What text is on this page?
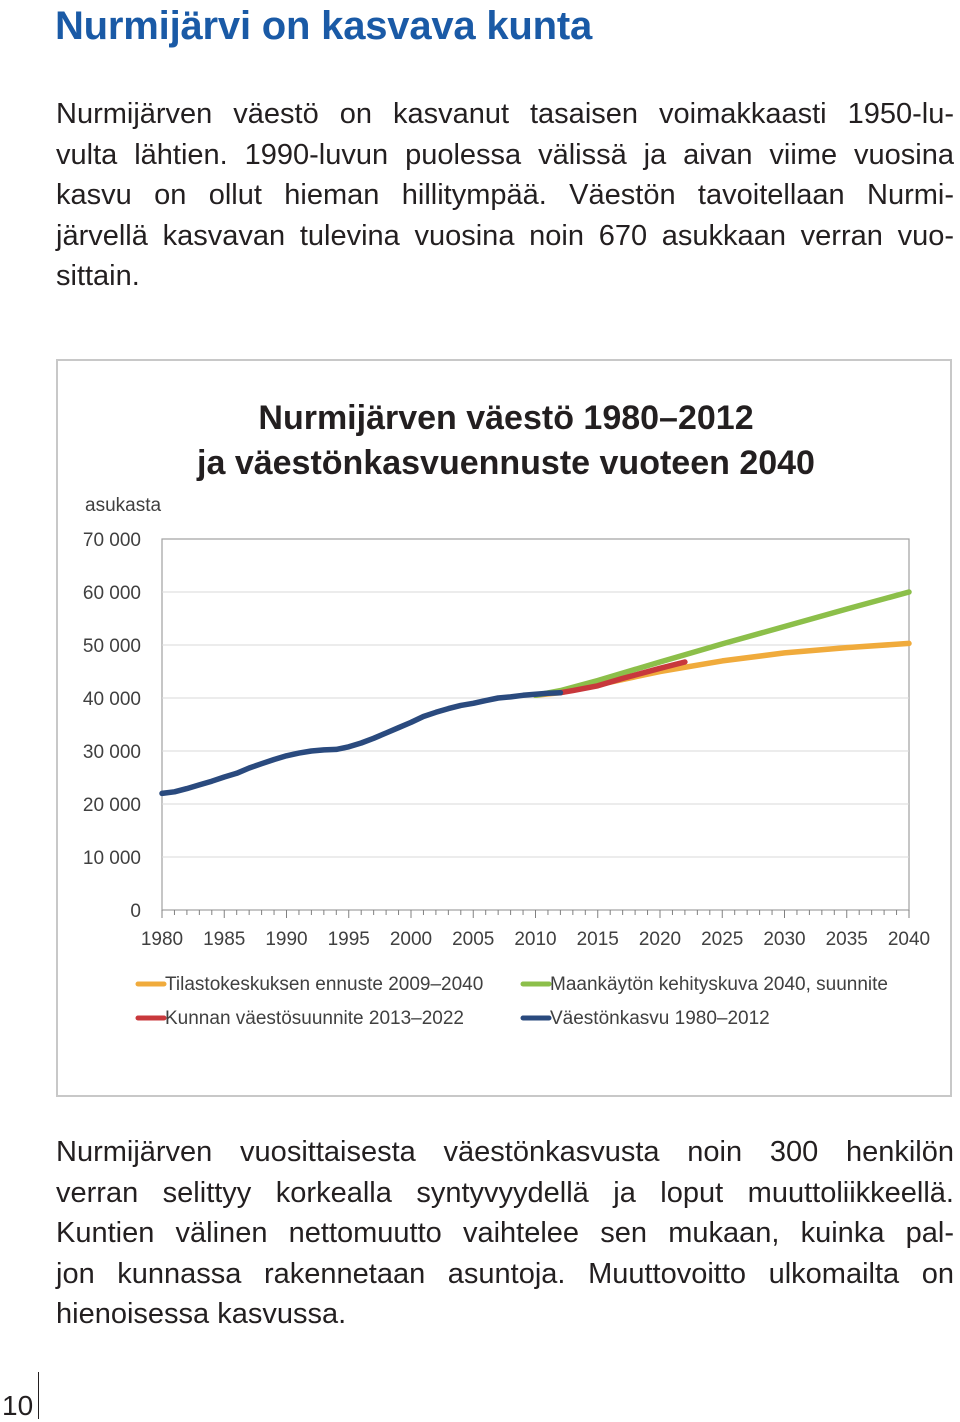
Nurmijärvi on kasvava kunta

Nurmijärven väestö on kasvanut tasaisen voimakkaasti 1950-lu-
vulta lähtien. 1990-luvun puolessa välissä ja aivan viime vuosina
kasvu on ollut hieman hillitympää. Väestön tavoitellaan Nurmi-
järvellä kasvavan tulevina vuosina noin 670 asukkaan verran vuo-
sittain.

Nurmijärven väestö 1980–2012
ja väestönkasvuennuste vuoteen 2040
asukasta
0
10 000
20 000
30 000
40 000
50 000
60 000
70 000
1980 1985 1990 1995 2000 2005 2010 2015 2020 2025 2030 2035 2040
Tilastokeskuksen ennuste 2009–2040	Maankäytön kehityskuva 2040, suunnite
Kunnan väestösuunnite 2013–2022	Väestönkasvu 1980–2012

Nurmijärven vuosittaisesta väestönkasvusta noin 300 henkilön
verran selittyy korkealla syntyvyydellä ja loput muuttoliikkeellä.
Kuntien välinen nettomuutto vaihtelee sen mukaan, kuinka pal-
jon kunnassa rakennetaan asuntoja. Muuttovoitto ulkomailta on
hienoisessa kasvussa.

10
